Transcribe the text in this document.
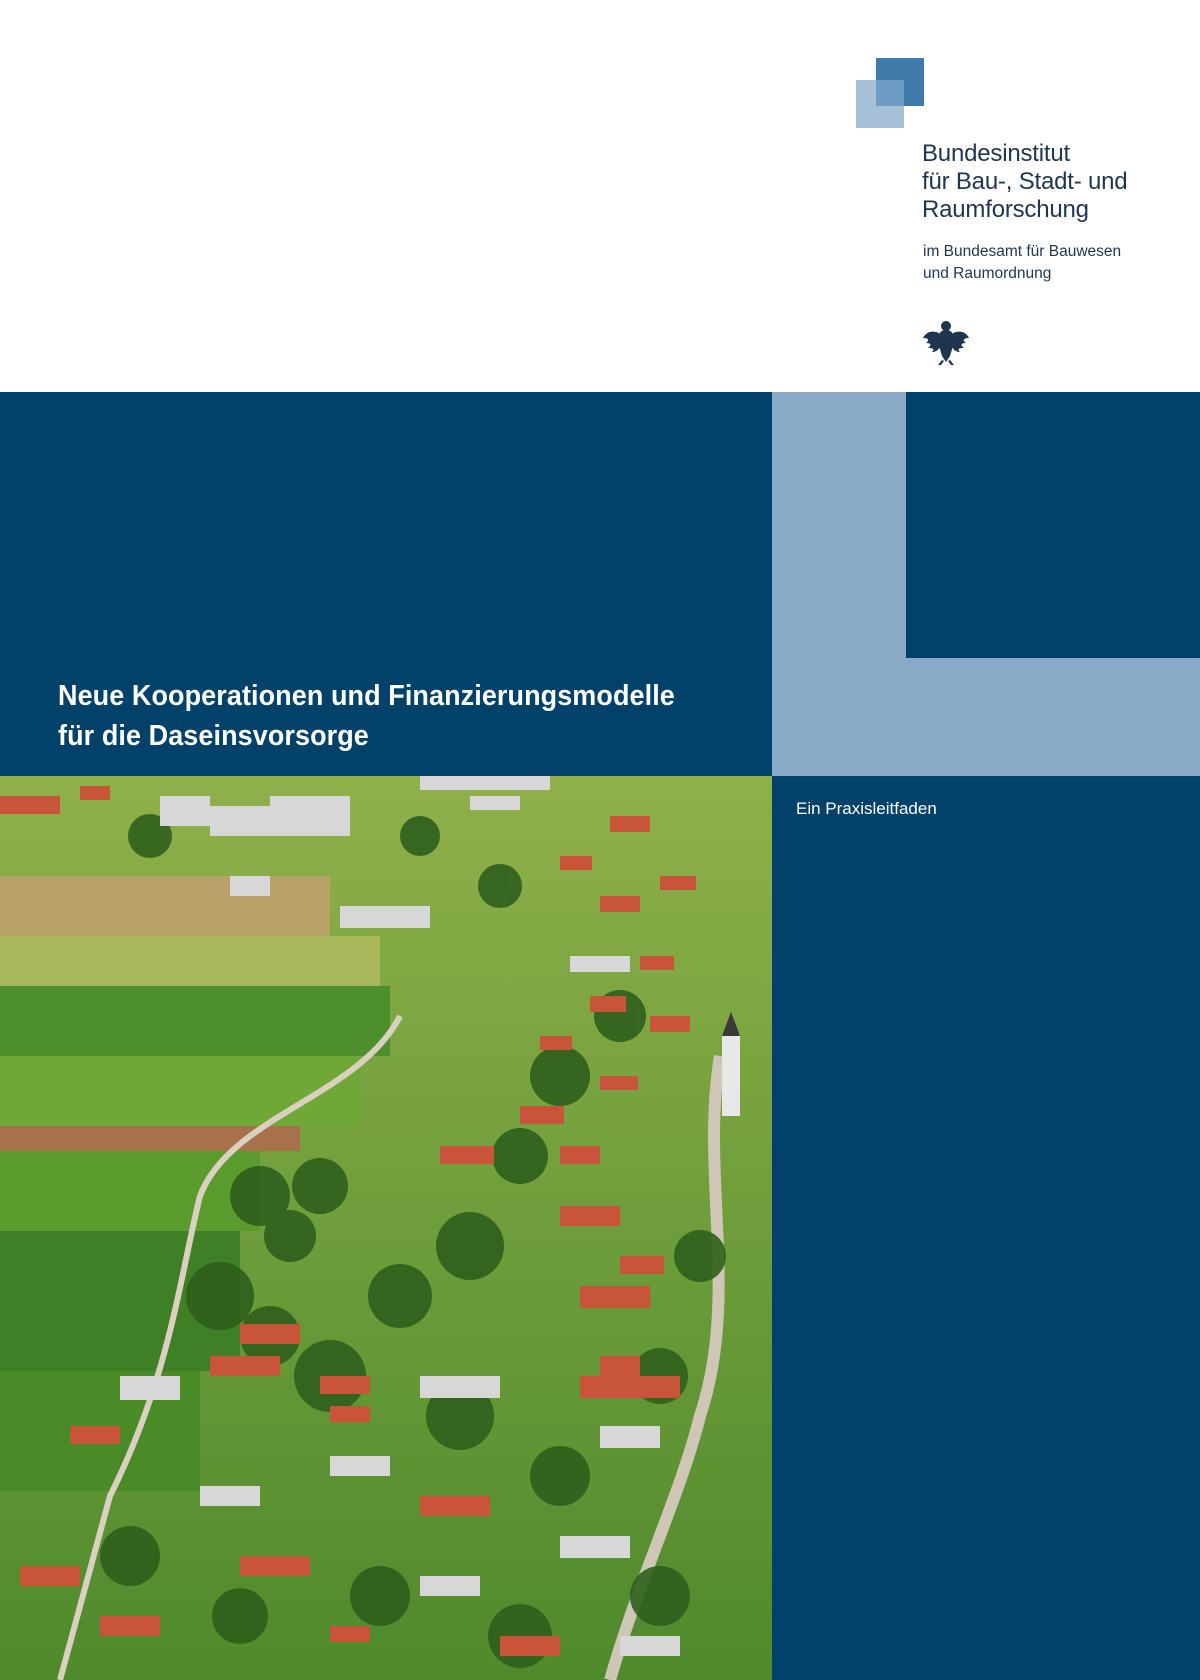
Bundesinstitut
für Bau-, Stadt- und
Raumforschung
im Bundesamt für Bauwesen
und Raumordnung
Neue Kooperationen und Finanzierungsmodelle
für die Daseinsvorsorge
Ein Praxisleitfaden
